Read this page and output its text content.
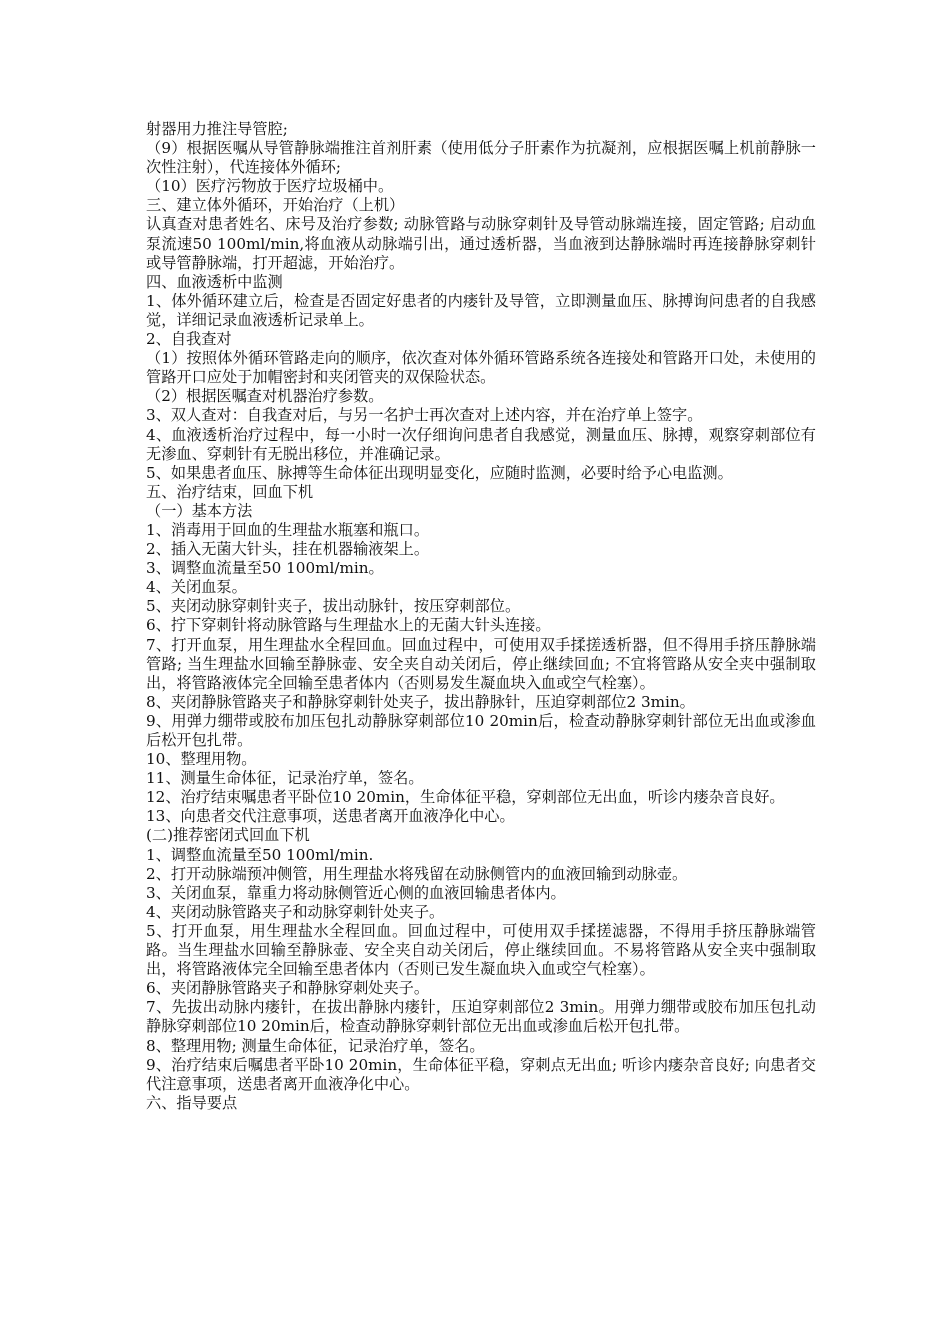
射器用力推注导管腔;

（9）根据医嘱从导管静脉端推注首剂肝素（使用低分子肝素作为抗凝剂，应根据医嘱上机前静脉一次性注射），代连接体外循环;

（10）医疗污物放于医疗垃圾桶中。

三、建立体外循环，开始治疗（上机）

认真查对患者姓名、床号及治疗参数; 动脉管路与动脉穿刺针及导管动脉端连接，固定管路; 启动血泵流速50 100ml/min,将血液从动脉端引出，通过透析器，当血液到达静脉端时再连接静脉穿刺针或导管静脉端，打开超滤，开始治疗。

四、血液透析中监测

1、体外循环建立后，检查是否固定好患者的内瘘针及导管，立即测量血压、脉搏询问患者的自我感觉，详细记录血液透析记录单上。

2、自我查对

（1）按照体外循环管路走向的顺序，依次查对体外循环管路系统各连接处和管路开口处，未使用的管路开口应处于加帽密封和夹闭管夹的双保险状态。

（2）根据医嘱查对机器治疗参数。

3、双人查对：自我查对后，与另一名护士再次查对上述内容，并在治疗单上签字。

4、血液透析治疗过程中，每一小时一次仔细询问患者自我感觉，测量血压、脉搏，观察穿刺部位有无渗血、穿刺针有无脱出移位，并准确记录。

5、如果患者血压、脉搏等生命体征出现明显变化，应随时监测，必要时给予心电监测。

五、治疗结束，回血下机

（一）基本方法

1、消毒用于回血的生理盐水瓶塞和瓶口。

2、插入无菌大针头，挂在机器输液架上。

3、调整血流量至50 100ml/min。

4、关闭血泵。

5、夹闭动脉穿刺针夹子，拔出动脉针，按压穿刺部位。

6、拧下穿刺针将动脉管路与生理盐水上的无菌大针头连接。

7、打开血泵，用生理盐水全程回血。回血过程中，可使用双手揉搓透析器，但不得用手挤压静脉端管路; 当生理盐水回输至静脉壶、安全夹自动关闭后，停止继续回血; 不宜将管路从安全夹中强制取出，将管路液体完全回输至患者体内（否则易发生凝血块入血或空气栓塞）。

8、夹闭静脉管路夹子和静脉穿刺针处夹子，拔出静脉针，压迫穿刺部位2 3min。

9、用弹力绷带或胶布加压包扎动静脉穿刺部位10 20min后，检查动静脉穿刺针部位无出血或渗血后松开包扎带。

10、整理用物。

11、测量生命体征，记录治疗单，签名。

12、治疗结束嘱患者平卧位10 20min，生命体征平稳，穿刺部位无出血，听诊内瘘杂音良好。

13、向患者交代注意事项，送患者离开血液净化中心。

(二)推荐密闭式回血下机

1、调整血流量至50 100ml/min.

2、打开动脉端预冲侧管，用生理盐水将残留在动脉侧管内的血液回输到动脉壶。

3、关闭血泵，靠重力将动脉侧管近心侧的血液回输患者体内。

4、夹闭动脉管路夹子和动脉穿刺针处夹子。

5、打开血泵，用生理盐水全程回血。回血过程中，可使用双手揉搓滤器，不得用手挤压静脉端管路。当生理盐水回输至静脉壶、安全夹自动关闭后，停止继续回血。不易将管路从安全夹中强制取出，将管路液体完全回输至患者体内（否则已发生凝血块入血或空气栓塞）。

6、夹闭静脉管路夹子和静脉穿刺处夹子。

7、先拔出动脉内瘘针，在拔出静脉内瘘针，压迫穿刺部位2 3min。用弹力绷带或胶布加压包扎动静脉穿刺部位10 20min后，检查动静脉穿刺针部位无出血或渗血后松开包扎带。

8、整理用物; 测量生命体征，记录治疗单，签名。

9、治疗结束后嘱患者平卧10 20min，生命体征平稳，穿刺点无出血; 听诊内瘘杂音良好; 向患者交代注意事项，送患者离开血液净化中心。

六、指导要点
